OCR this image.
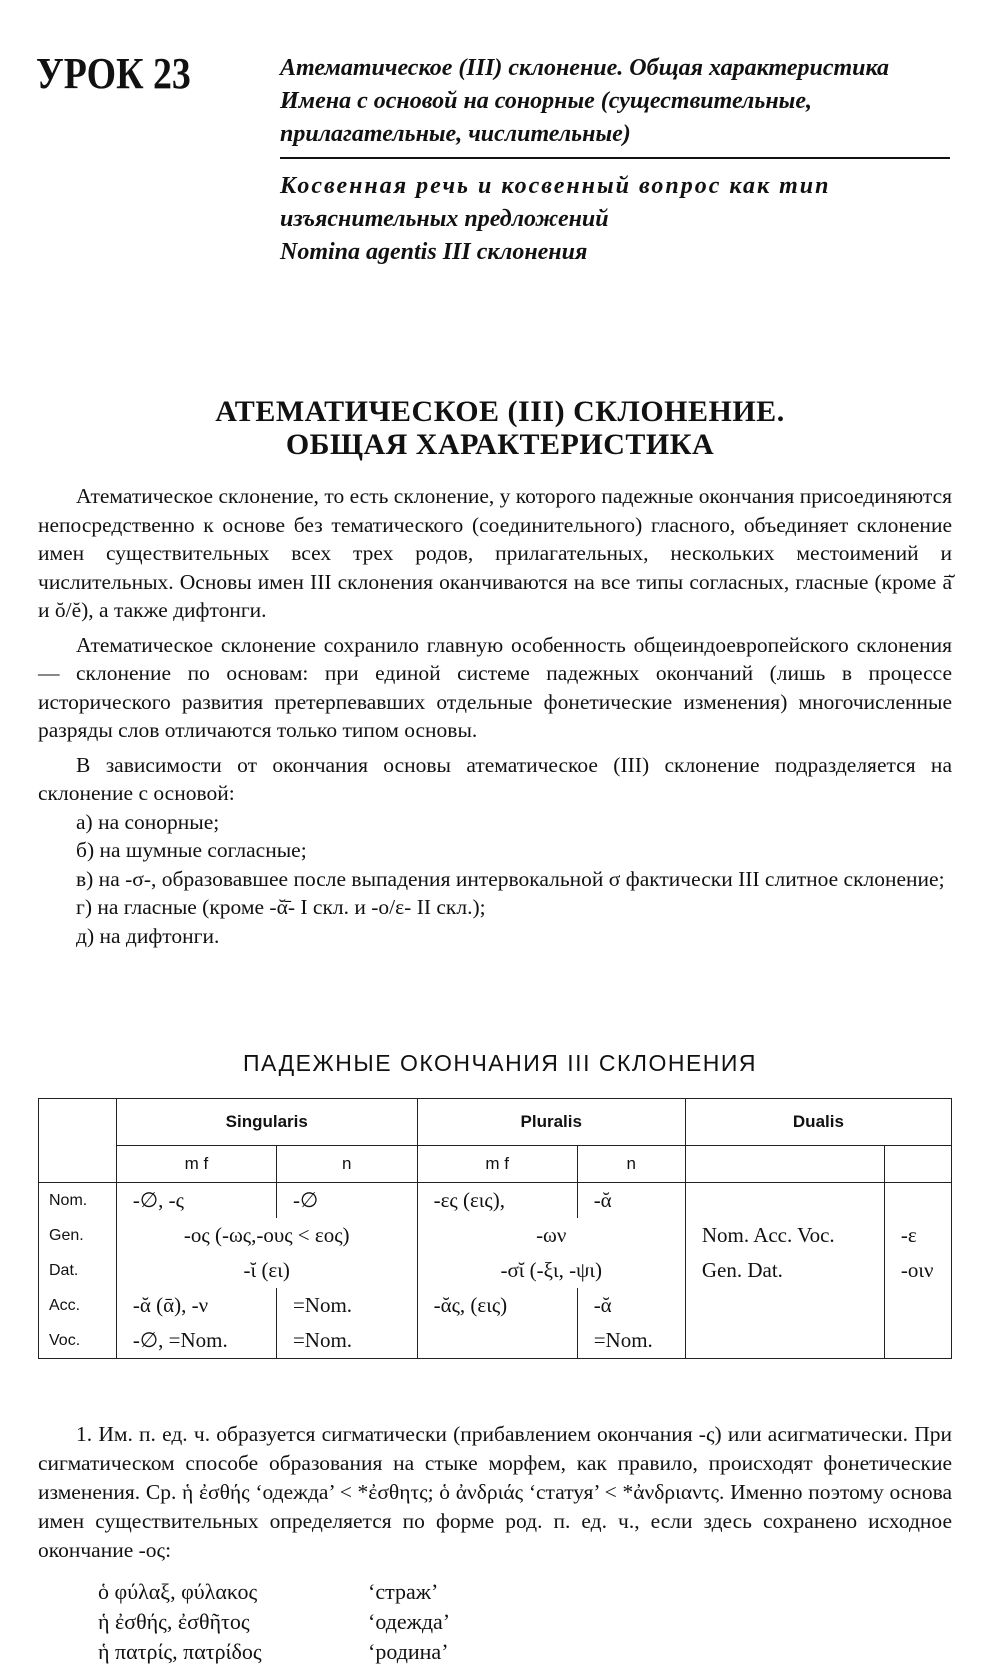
УРОК 23	Атематическое (III) склонение. Общая характеристика
Имена с основой на сонорные (существительные,
прилагательные, числительные)
Косвенная речь и косвенный вопрос как тип
изъяснительных предложений
Nomina agentis III склонения
АТЕМАТИЧЕСКОЕ (III) СКЛОНЕНИЕ.
ОБЩАЯ ХАРАКТЕРИСТИКА

Атематическое склонение, то есть склонение, у которого падежные окончания присоединяются непосредственно к основе без тематического (соединительного) гласного, объединяет склонение имен существительных всех трех родов, прилагательных, нескольких местоимений и числительных. Основы имен III склонения оканчиваются на все типы согласных, гласные (кроме ā̆ и ŏ/ĕ), а также дифтонги.

Атематическое склонение сохранило главную особенность общеиндоевропейского склонения — склонение по основам: при единой системе падежных окончаний (лишь в процессе исторического развития претерпевавших отдельные фонетические изменения) многочисленные разряды слов отличаются только типом основы.

В зависимости от окончания основы атематическое (III) склонение подразделяется на склонение с основой:

а) на сонорные;

б) на шумные согласные;

в) на -σ-, образовавшее после выпадения интервокальной σ фактически III слитное склонение;

г) на гласные (кроме -ᾰ̄- I скл. и -ο/ε- II скл.);

д) на дифтонги.

ПАДЕЖНЫЕ ОКОНЧАНИЯ III СКЛОНЕНИЯ
	Singularis		Pluralis		Dualis	
	m f	n	m f	n		
Nom.	-∅, -ς	-∅	-ες (εις),	-ᾰ		
Gen.	-ος (-ως,-ους < εος)		-ων		Nom. Acc. Voc.	-ε
Dat.	-ῐ (ει)		-σῐ (-ξι, -ψι)		Gen. Dat.	-οιν
Acc.	-ᾰ (ᾱ), -ν	=Nom.	-ᾰς, (εις)	-ᾰ		
Voc.	-∅, =Nom.	=Nom.		=Nom.		

1. Им. п. ед. ч. образуется сигматически (прибавлением окончания -ς) или асигматически. При сигматическом способе образования на стыке морфем, как правило, происходят фонетические изменения. Ср. ἡ ἐσθής ‘одежда’ < *ἐσθητς; ὁ ἀνδριάς ‘статуя’ < *ἀνδριαντς. Именно поэтому основа имен существительных определяется по форме род. п. ед. ч., если здесь сохранено исходное окончание -ος:

ὁ φύλαξ, φύλακος	‘страж’
ἡ ἐσθής, ἐσθῆτος	‘одежда’
ἡ πατρίς, πατρίδος	‘родина’
